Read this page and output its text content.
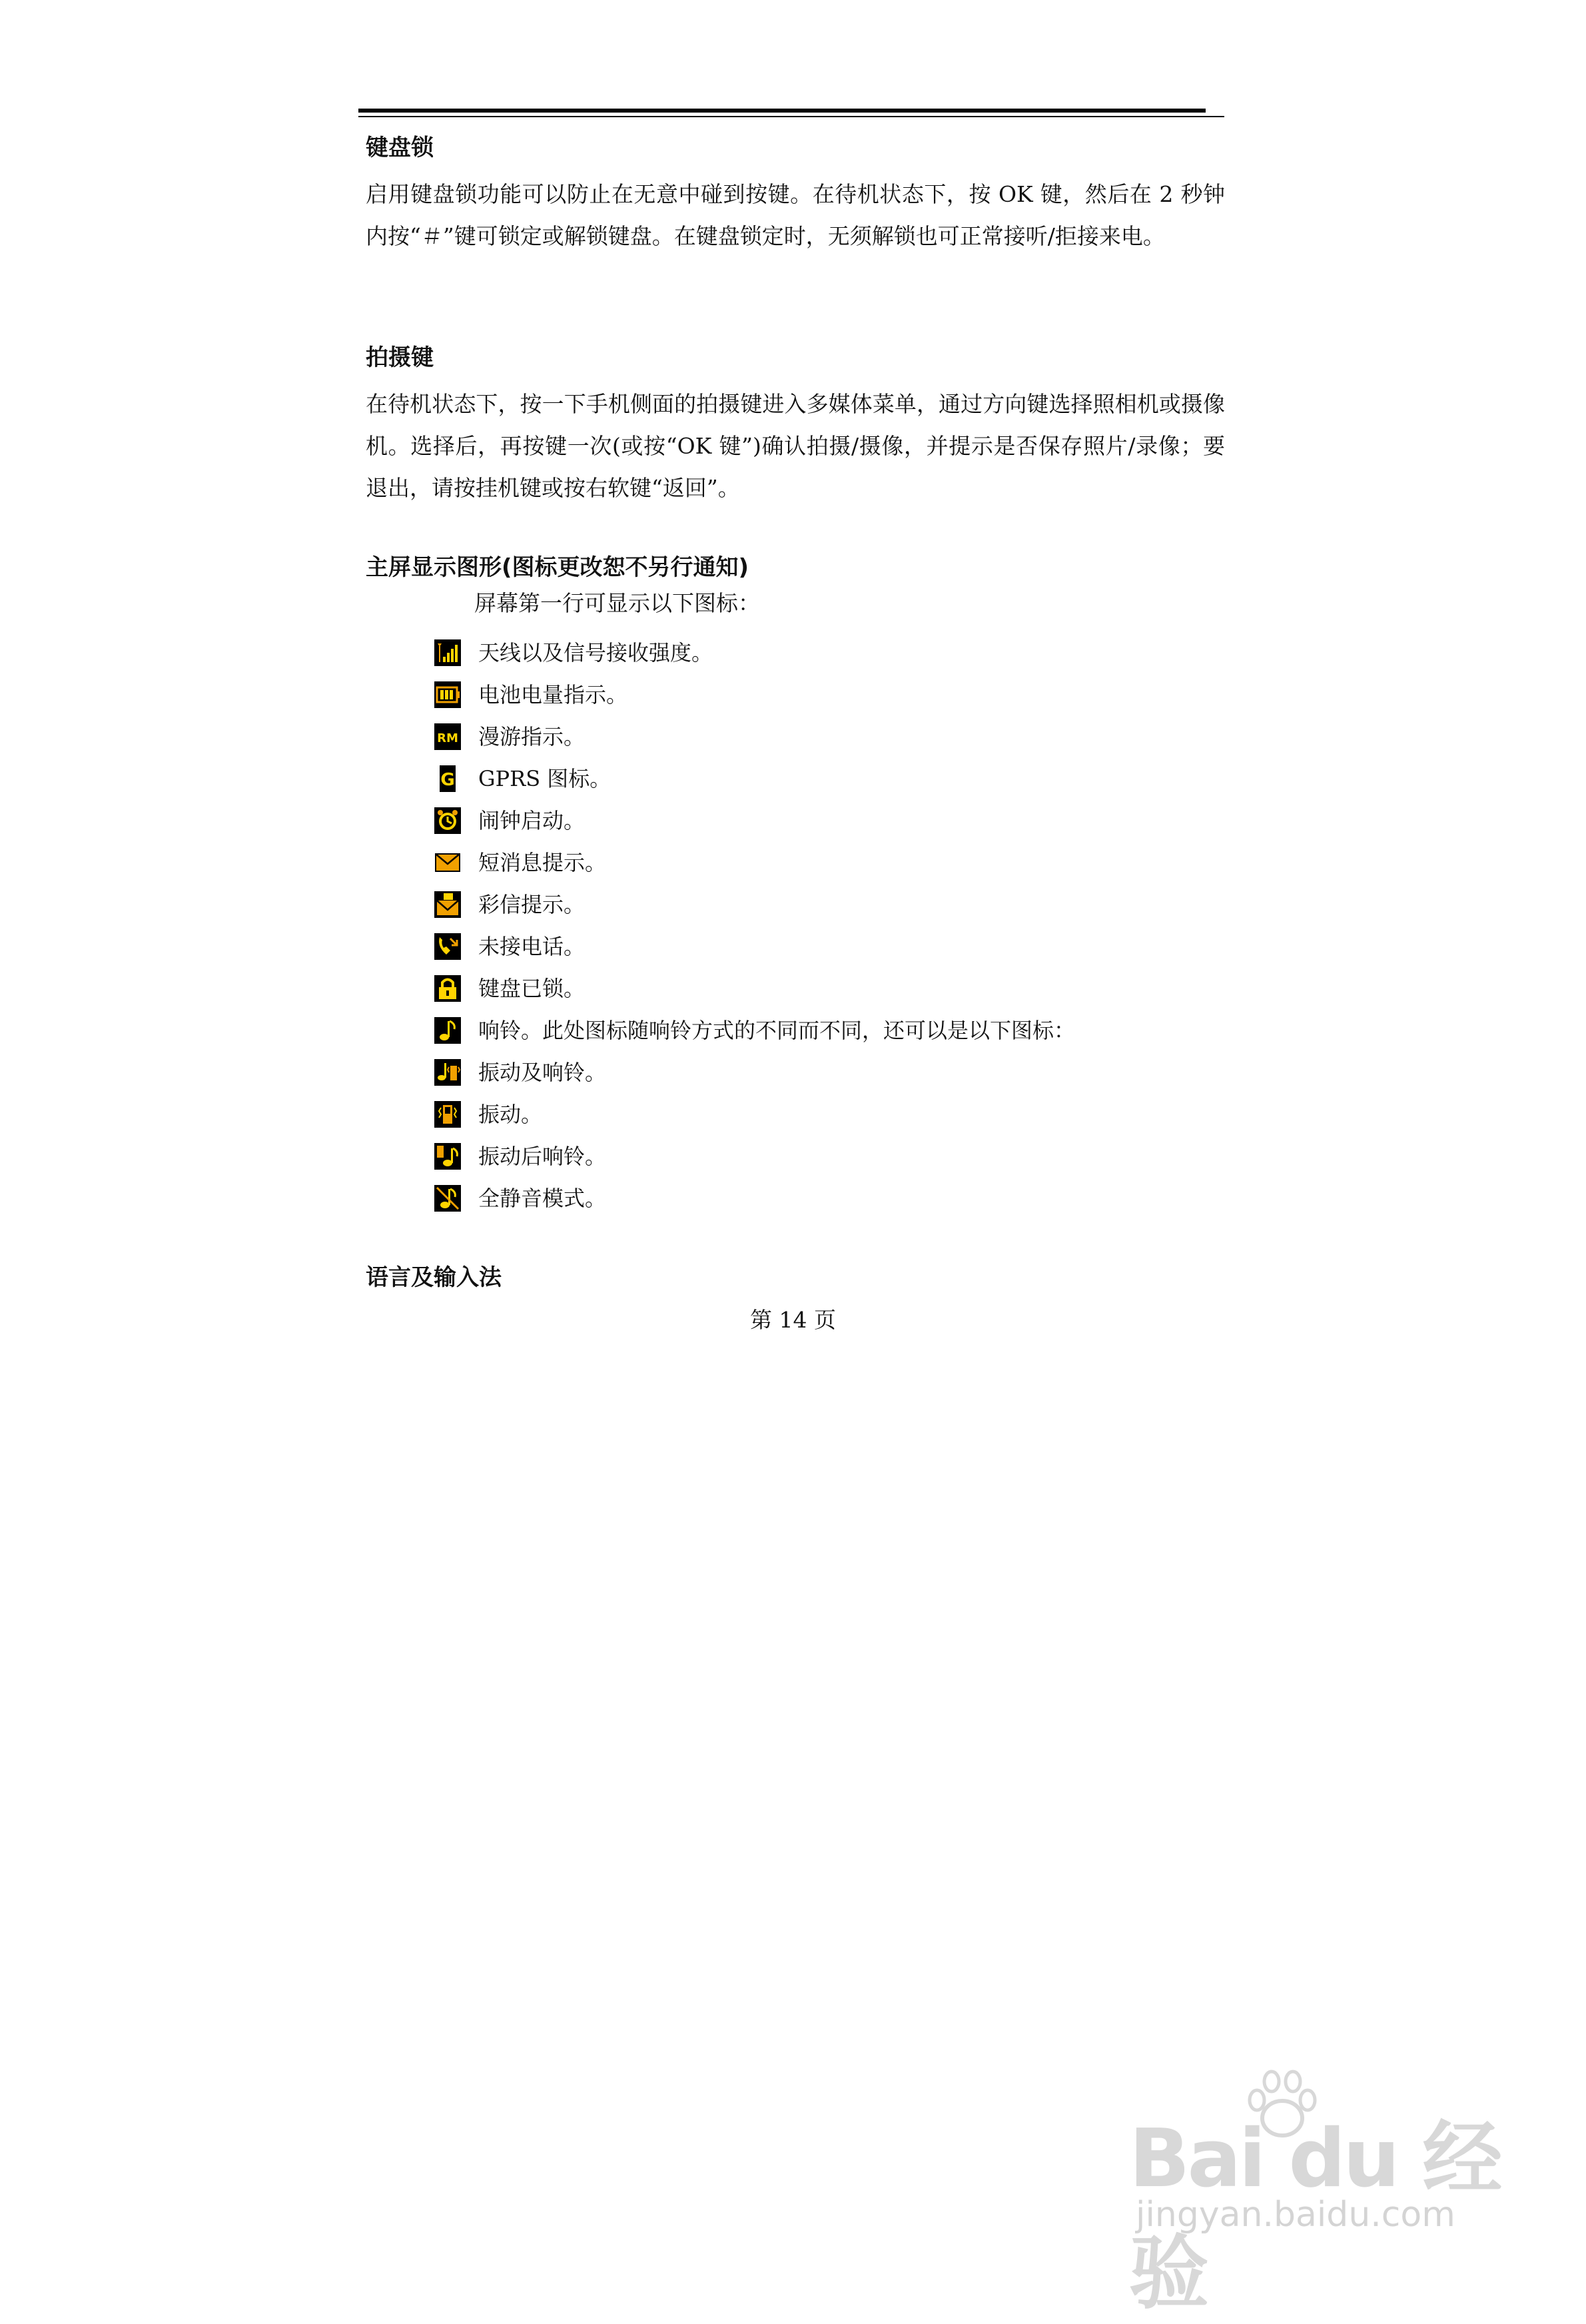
键盘锁

启用键盘锁功能可以防止在无意中碰到按键。在待机状态下，按 OK 键，然后在 2 秒钟内按“＃”键可锁定或解锁键盘。在键盘锁定时，无须解锁也可正常接听/拒接来电。

拍摄键

在待机状态下，按一下手机侧面的拍摄键进入多媒体菜单，通过方向键选择照相机或摄像机。选择后，再按键一次(或按“OK 键”)确认拍摄/摄像，并提示是否保存照片/录像；要退出，请按挂机键或按右软键“返回”。

主屏显示图形(图标更改恕不另行通知)

屏幕第一行可显示以下图标：
天线以及信号接收强度。
电池电量指示。
RM 漫游指示。
G GPRS 图标。
闹钟启动。
短消息提示。
彩信提示。
未接电话。
键盘已锁。
响铃。此处图标随响铃方式的不同而不同，还可以是以下图标：
振动及响铃。
振动。
振动后响铃。
全静音模式。

语言及输入法

第 14 页
Bai du 经验
jingyan.baidu.com
